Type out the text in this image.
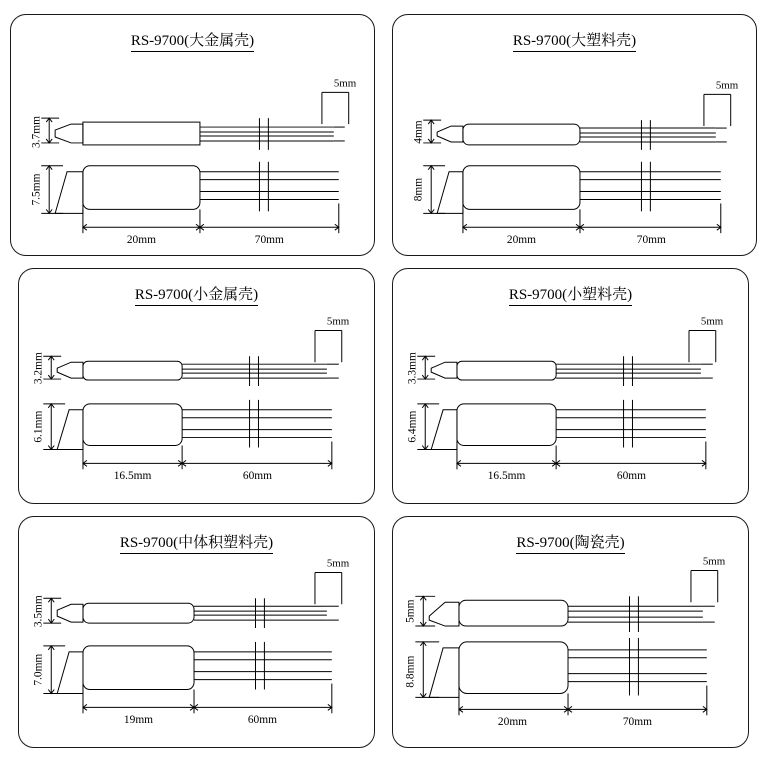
RS-9700(大金属壳)
5mm
3.7mm
7.5mm
20mm	70mm
RS-9700(大塑料壳)
5mm
4mm
8mm
20mm	70mm
RS-9700(小金属壳)
5mm
3.2mm
6.1mm
16.5mm	60mm
RS-9700(小塑料壳)
5mm
3.3mm
6.4mm
16.5mm	60mm
RS-9700(中体积塑料壳)
5mm
3.5mm
7.0mm
19mm	60mm
RS-9700(陶瓷壳)
5mm
5mm
8.8mm
20mm	70mm
